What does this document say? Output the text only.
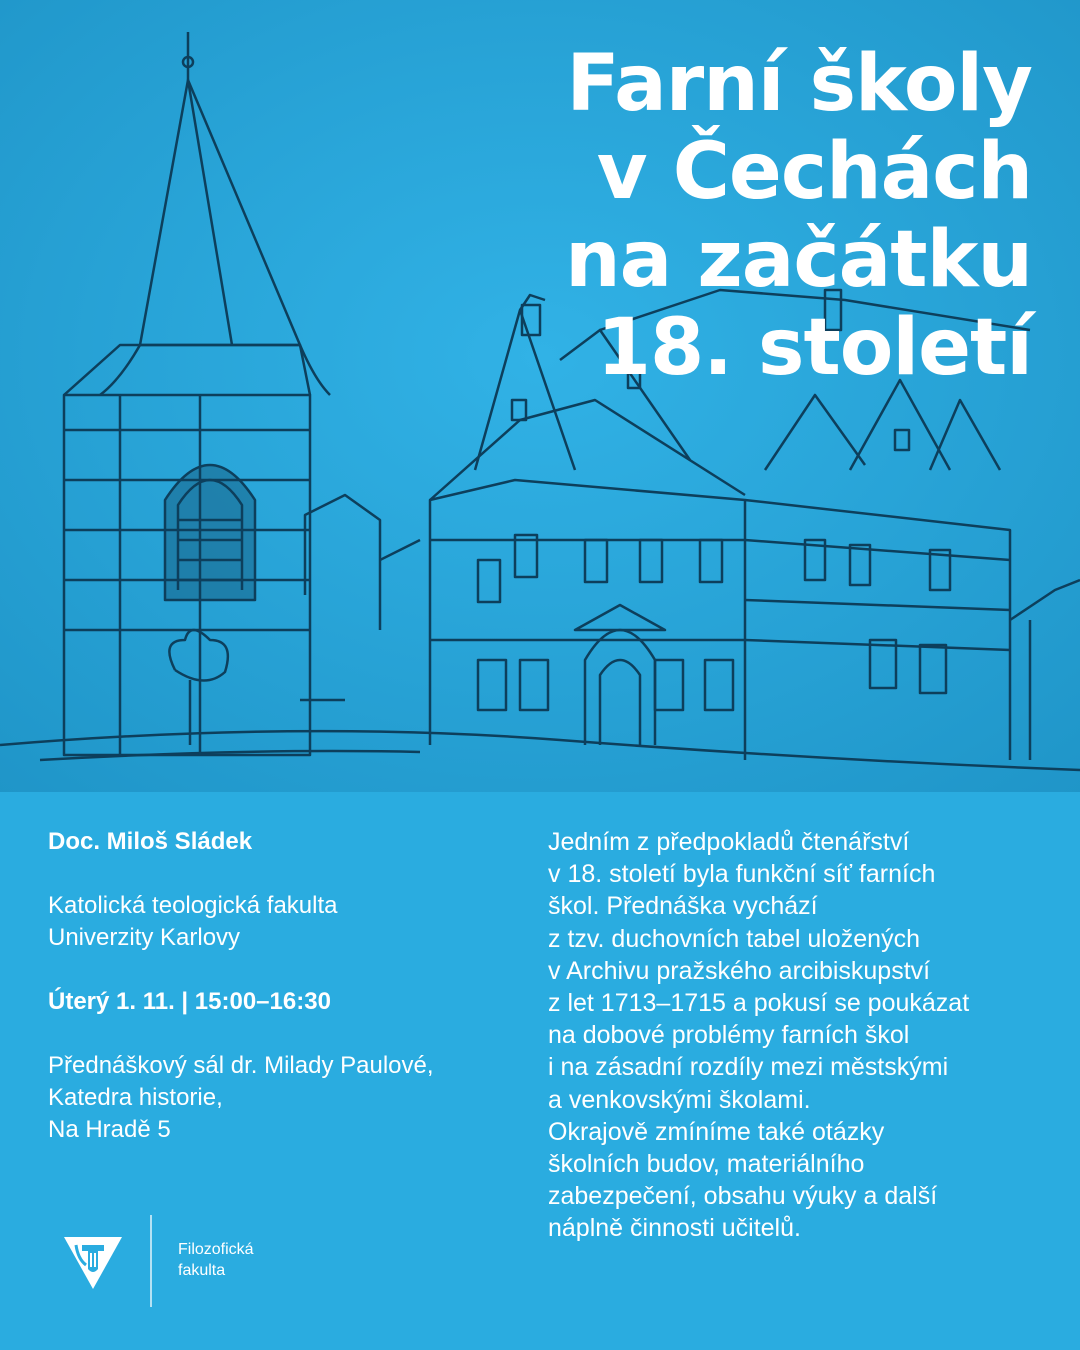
Farní školy
v Čechách
na začátku
18. století

Doc. Miloš Sládek

Katolická teologická fakulta

Univerzity Karlovy

Úterý 1. 11. | 15:00–16:30

Přednáškový sál dr. Milady Paulové,

Katedra historie,

Na Hradě 5

Jedním z předpokladů čtenářství
v 18. století byla funkční síť farních
škol. Přednáška vychází
z tzv. duchovních tabel uložených
v Archivu pražského arcibiskupství
z let 1713–1715 a pokusí se poukázat
na dobové problémy farních škol
i na zásadní rozdíly mezi městskými
a venkovskými školami.
Okrajově zmíníme také otázky
školních budov, materiálního
zabezpečení, obsahu výuky a další
náplně činnosti učitelů.
Filozofická
fakulta
